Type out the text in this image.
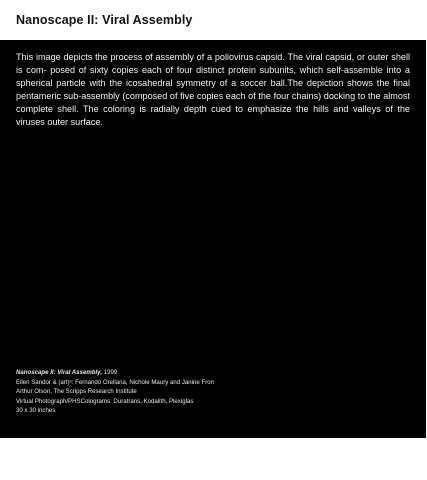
Nanoscape II: Viral Assembly
This image depicts the process of assembly of a poliovirus capsid. The viral capsid, or outer shell is com- posed of sixty copies each of four distinct protein subunits, which self-assemble into a spherical particle with the icosahedral symmetry of a soccer ball.The depiction shows the final pentameric sub-assembly (composed of five copies each of the four chains) docking to the almost complete shell. The coloring is radially depth cued to emphasize the hills and valleys of the viruses outer surface.
Nanoscape II: Viral Assembly, 1999
Ellen Sandor & (art)ⁿ: Fernando Orellana, Nichole Maury and Janine Fron
Arthur Olson, The Scripps Research Institute
Virtual Photograph/PHSColograms: Duratrans, Kodalith, Plexiglas
30 x 30 inches
